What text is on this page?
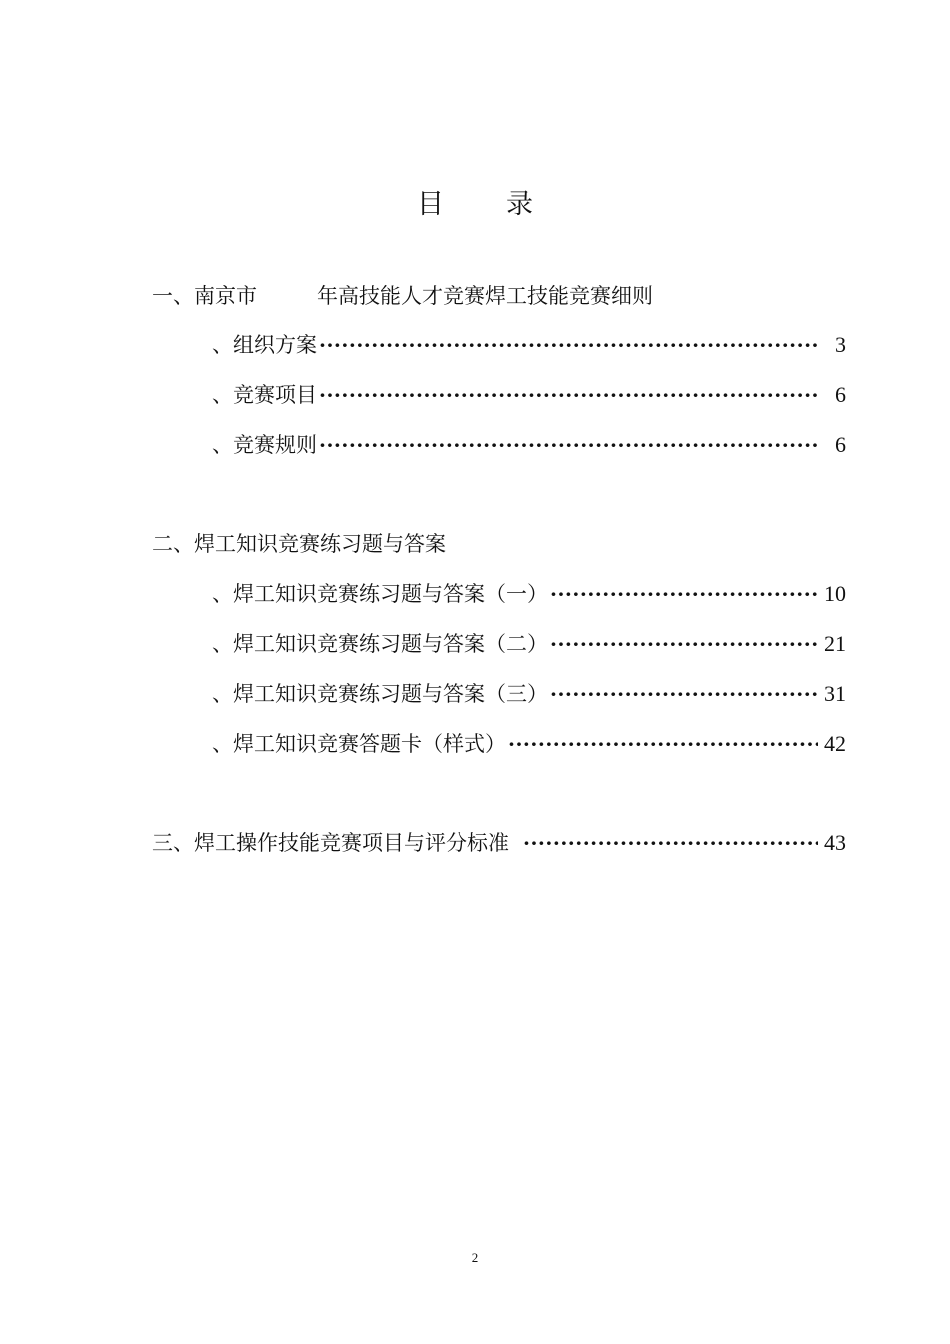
目 录
一、南京市	年高技能人才竞赛焊工技能竞赛细则
、组织方案 ·····	3
、竞赛项目 ·····	6
、竞赛规则 ·····	6
二、焊工知识竞赛练习题与答案
、焊工知识竞赛练习题与答案（一） ·····	10
、焊工知识竞赛练习题与答案（二） ·····	21
、焊工知识竞赛练习题与答案（三） ·····	31
、焊工知识竞赛答题卡（样式） ·····	42
三、焊工操作技能竞赛项目与评分标准 ·····	43
2
